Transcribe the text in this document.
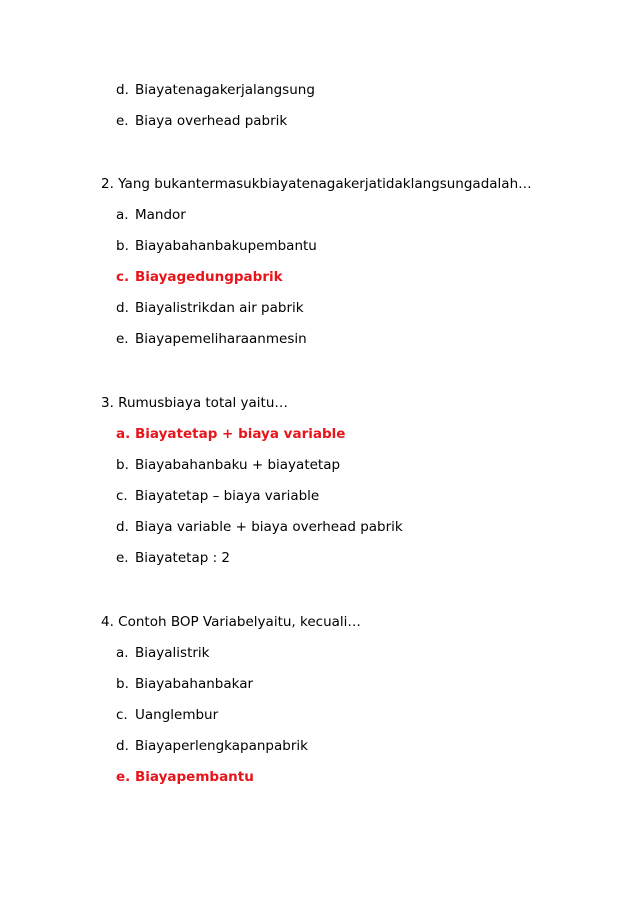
d. Biayatenagakerjalangsung
e. Biaya overhead pabrik
2. Yang bukantermasukbiayatenagakerjatidaklangsungadalah…
a. Mandor
b. Biayabahanbakupembantu
c. Biayagedungpabrik
d. Biayalistrikdan air pabrik
e. Biayapemeliharaanmesin
3. Rumusbiaya total yaitu…
a. Biayatetap + biaya variable
b. Biayabahanbaku + biayatetap
c. Biayatetap – biaya variable
d. Biaya variable + biaya overhead pabrik
e. Biayatetap : 2
4. Contoh BOP Variabelyaitu, kecuali…
a. Biayalistrik
b. Biayabahanbakar
c. Uanglembur
d. Biayaperlengkapanpabrik
e. Biayapembantu
